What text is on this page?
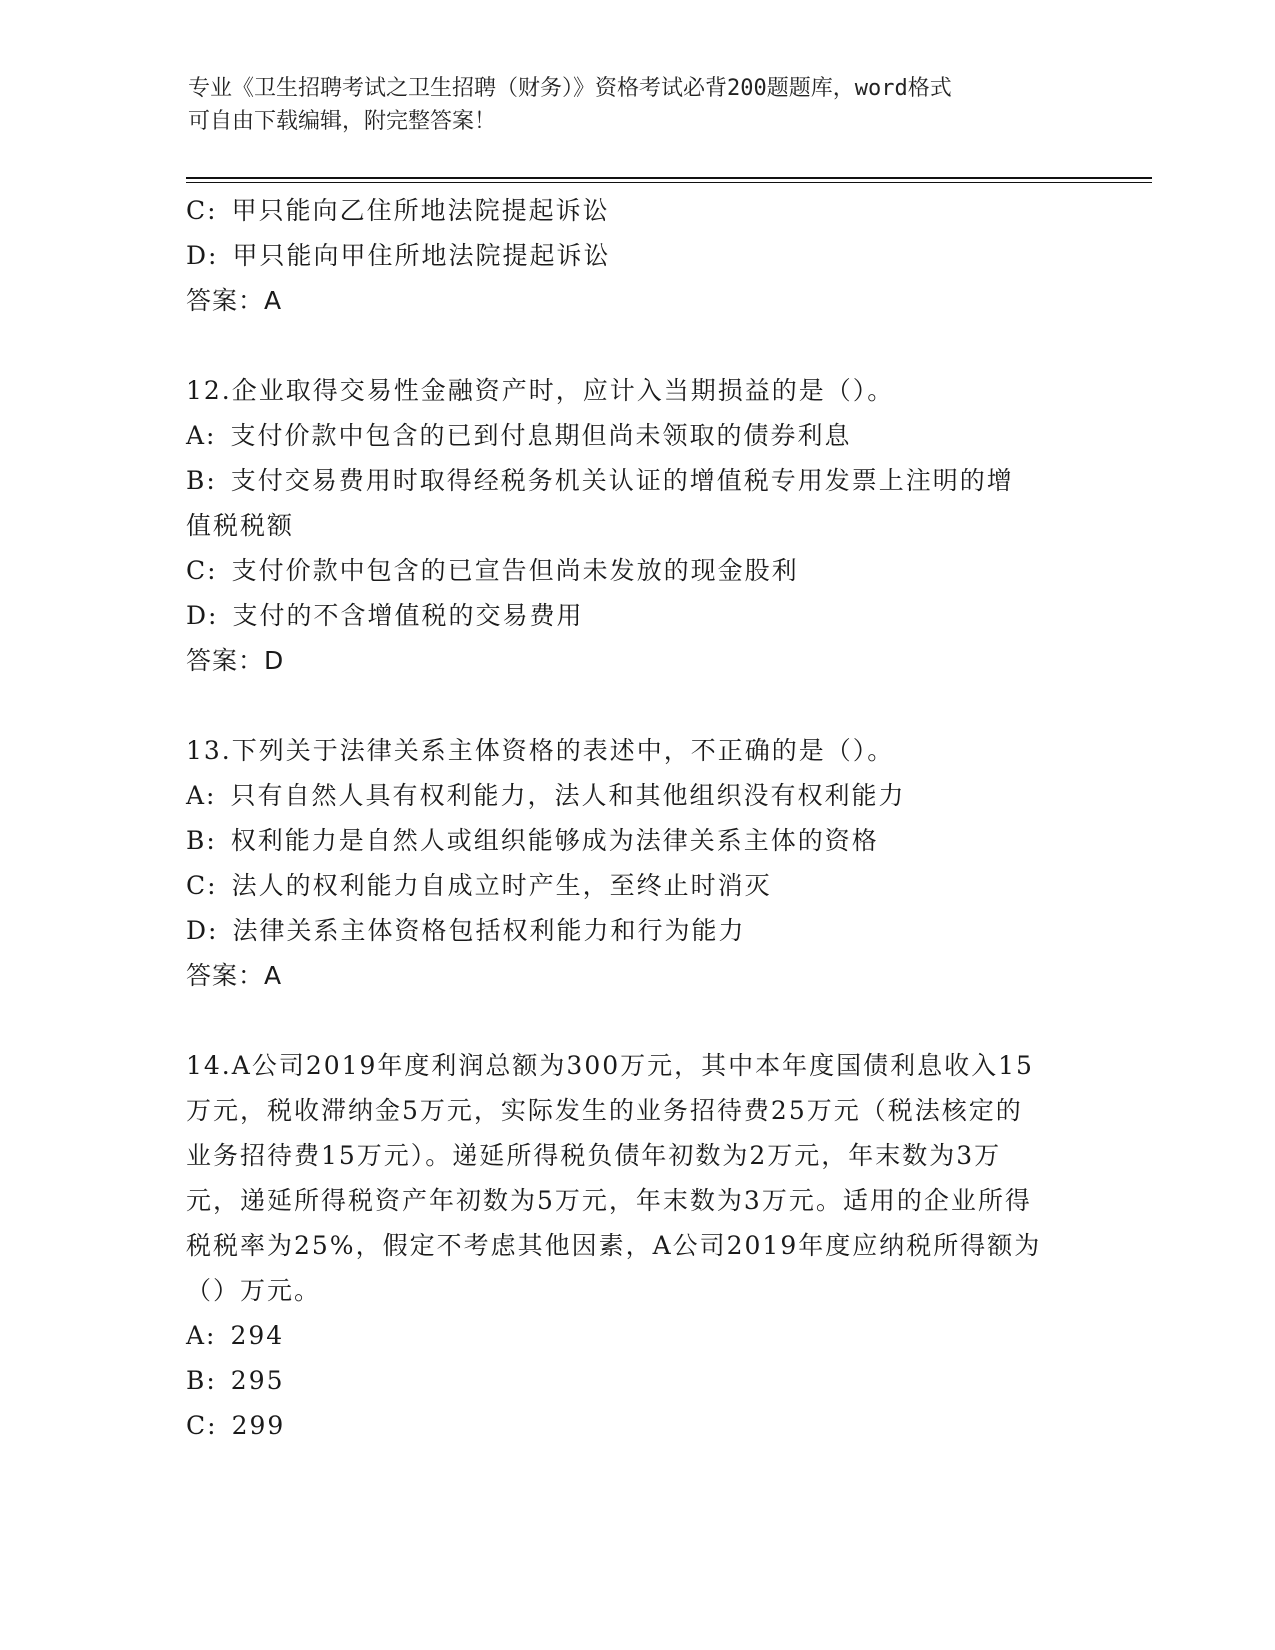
专业《卫生招聘考试之卫生招聘（财务）》资格考试必背200题题库，word格式
可自由下载编辑，附完整答案！
C: 甲只能向乙住所地法院提起诉讼
D: 甲只能向甲住所地法院提起诉讼
答案：A
12.企业取得交易性金融资产时，应计入当期损益的是（）。
A: 支付价款中包含的已到付息期但尚未领取的债券利息
B: 支付交易费用时取得经税务机关认证的增值税专用发票上注明的增值税税额
C: 支付价款中包含的已宣告但尚未发放的现金股利
D: 支付的不含增值税的交易费用
答案：D
13.下列关于法律关系主体资格的表述中，不正确的是（）。
A: 只有自然人具有权利能力，法人和其他组织没有权利能力
B: 权利能力是自然人或组织能够成为法律关系主体的资格
C: 法人的权利能力自成立时产生，至终止时消灭
D: 法律关系主体资格包括权利能力和行为能力
答案：A
14.A公司2019年度利润总额为300万元，其中本年度国债利息收入15万元，税收滞纳金5万元，实际发生的业务招待费25万元（税法核定的业务招待费15万元）。递延所得税负债年初数为2万元，年末数为3万元，递延所得税资产年初数为5万元，年末数为3万元。适用的企业所得税税率为25%，假定不考虑其他因素，A公司2019年度应纳税所得额为（）万元。
A: 294
B: 295
C: 299
